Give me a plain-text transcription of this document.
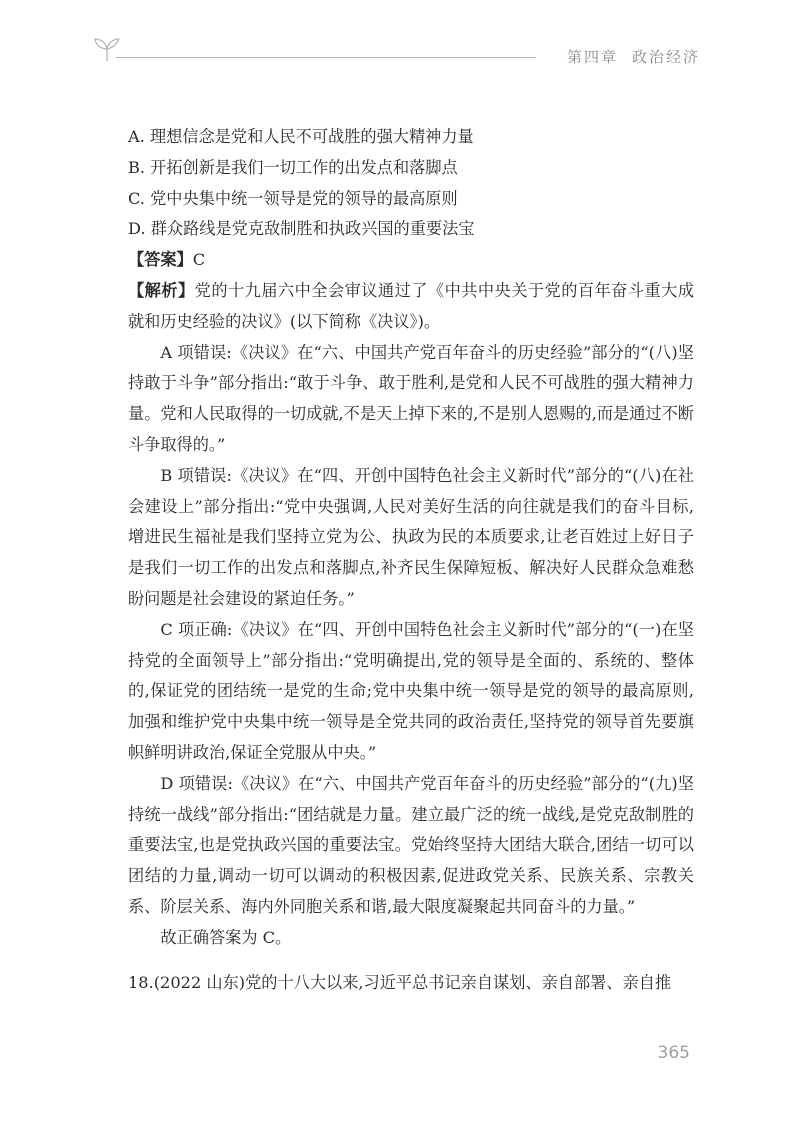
第四章 政治经济

A. 理想信念是党和人民不可战胜的强大精神力量

B. 开拓创新是我们一切工作的出发点和落脚点

C. 党中央集中统一领导是党的领导的最高原则

D. 群众路线是党克敌制胜和执政兴国的重要法宝

【答案】C

【解析】党的十九届六中全会审议通过了《中共中央关于党的百年奋斗重大成就和历史经验的决议》(以下简称《决议》)。

A 项错误:《决议》在“六、中国共产党百年奋斗的历史经验”部分的“(八)坚持敢于斗争”部分指出:“敢于斗争、敢于胜利,是党和人民不可战胜的强大精神力量。党和人民取得的一切成就,不是天上掉下来的,不是别人恩赐的,而是通过不断斗争取得的。”

B 项错误:《决议》在“四、开创中国特色社会主义新时代”部分的“(八)在社会建设上”部分指出:“党中央强调,人民对美好生活的向往就是我们的奋斗目标,增进民生福祉是我们坚持立党为公、执政为民的本质要求,让老百姓过上好日子是我们一切工作的出发点和落脚点,补齐民生保障短板、解决好人民群众急难愁盼问题是社会建设的紧迫任务。”

C 项正确:《决议》在“四、开创中国特色社会主义新时代”部分的“(一)在坚持党的全面领导上”部分指出:“党明确提出,党的领导是全面的、系统的、整体的,保证党的团结统一是党的生命;党中央集中统一领导是党的领导的最高原则,加强和维护党中央集中统一领导是全党共同的政治责任,坚持党的领导首先要旗帜鲜明讲政治,保证全党服从中央。”

D 项错误:《决议》在“六、中国共产党百年奋斗的历史经验”部分的“(九)坚持统一战线”部分指出:“团结就是力量。建立最广泛的统一战线,是党克敌制胜的重要法宝,也是党执政兴国的重要法宝。党始终坚持大团结大联合,团结一切可以团结的力量,调动一切可以调动的积极因素,促进政党关系、民族关系、宗教关系、阶层关系、海内外同胞关系和谐,最大限度凝聚起共同奋斗的力量。”

故正确答案为 C。

18.(2022 山东)党的十八大以来,习近平总书记亲自谋划、亲自部署、亲自推

365
